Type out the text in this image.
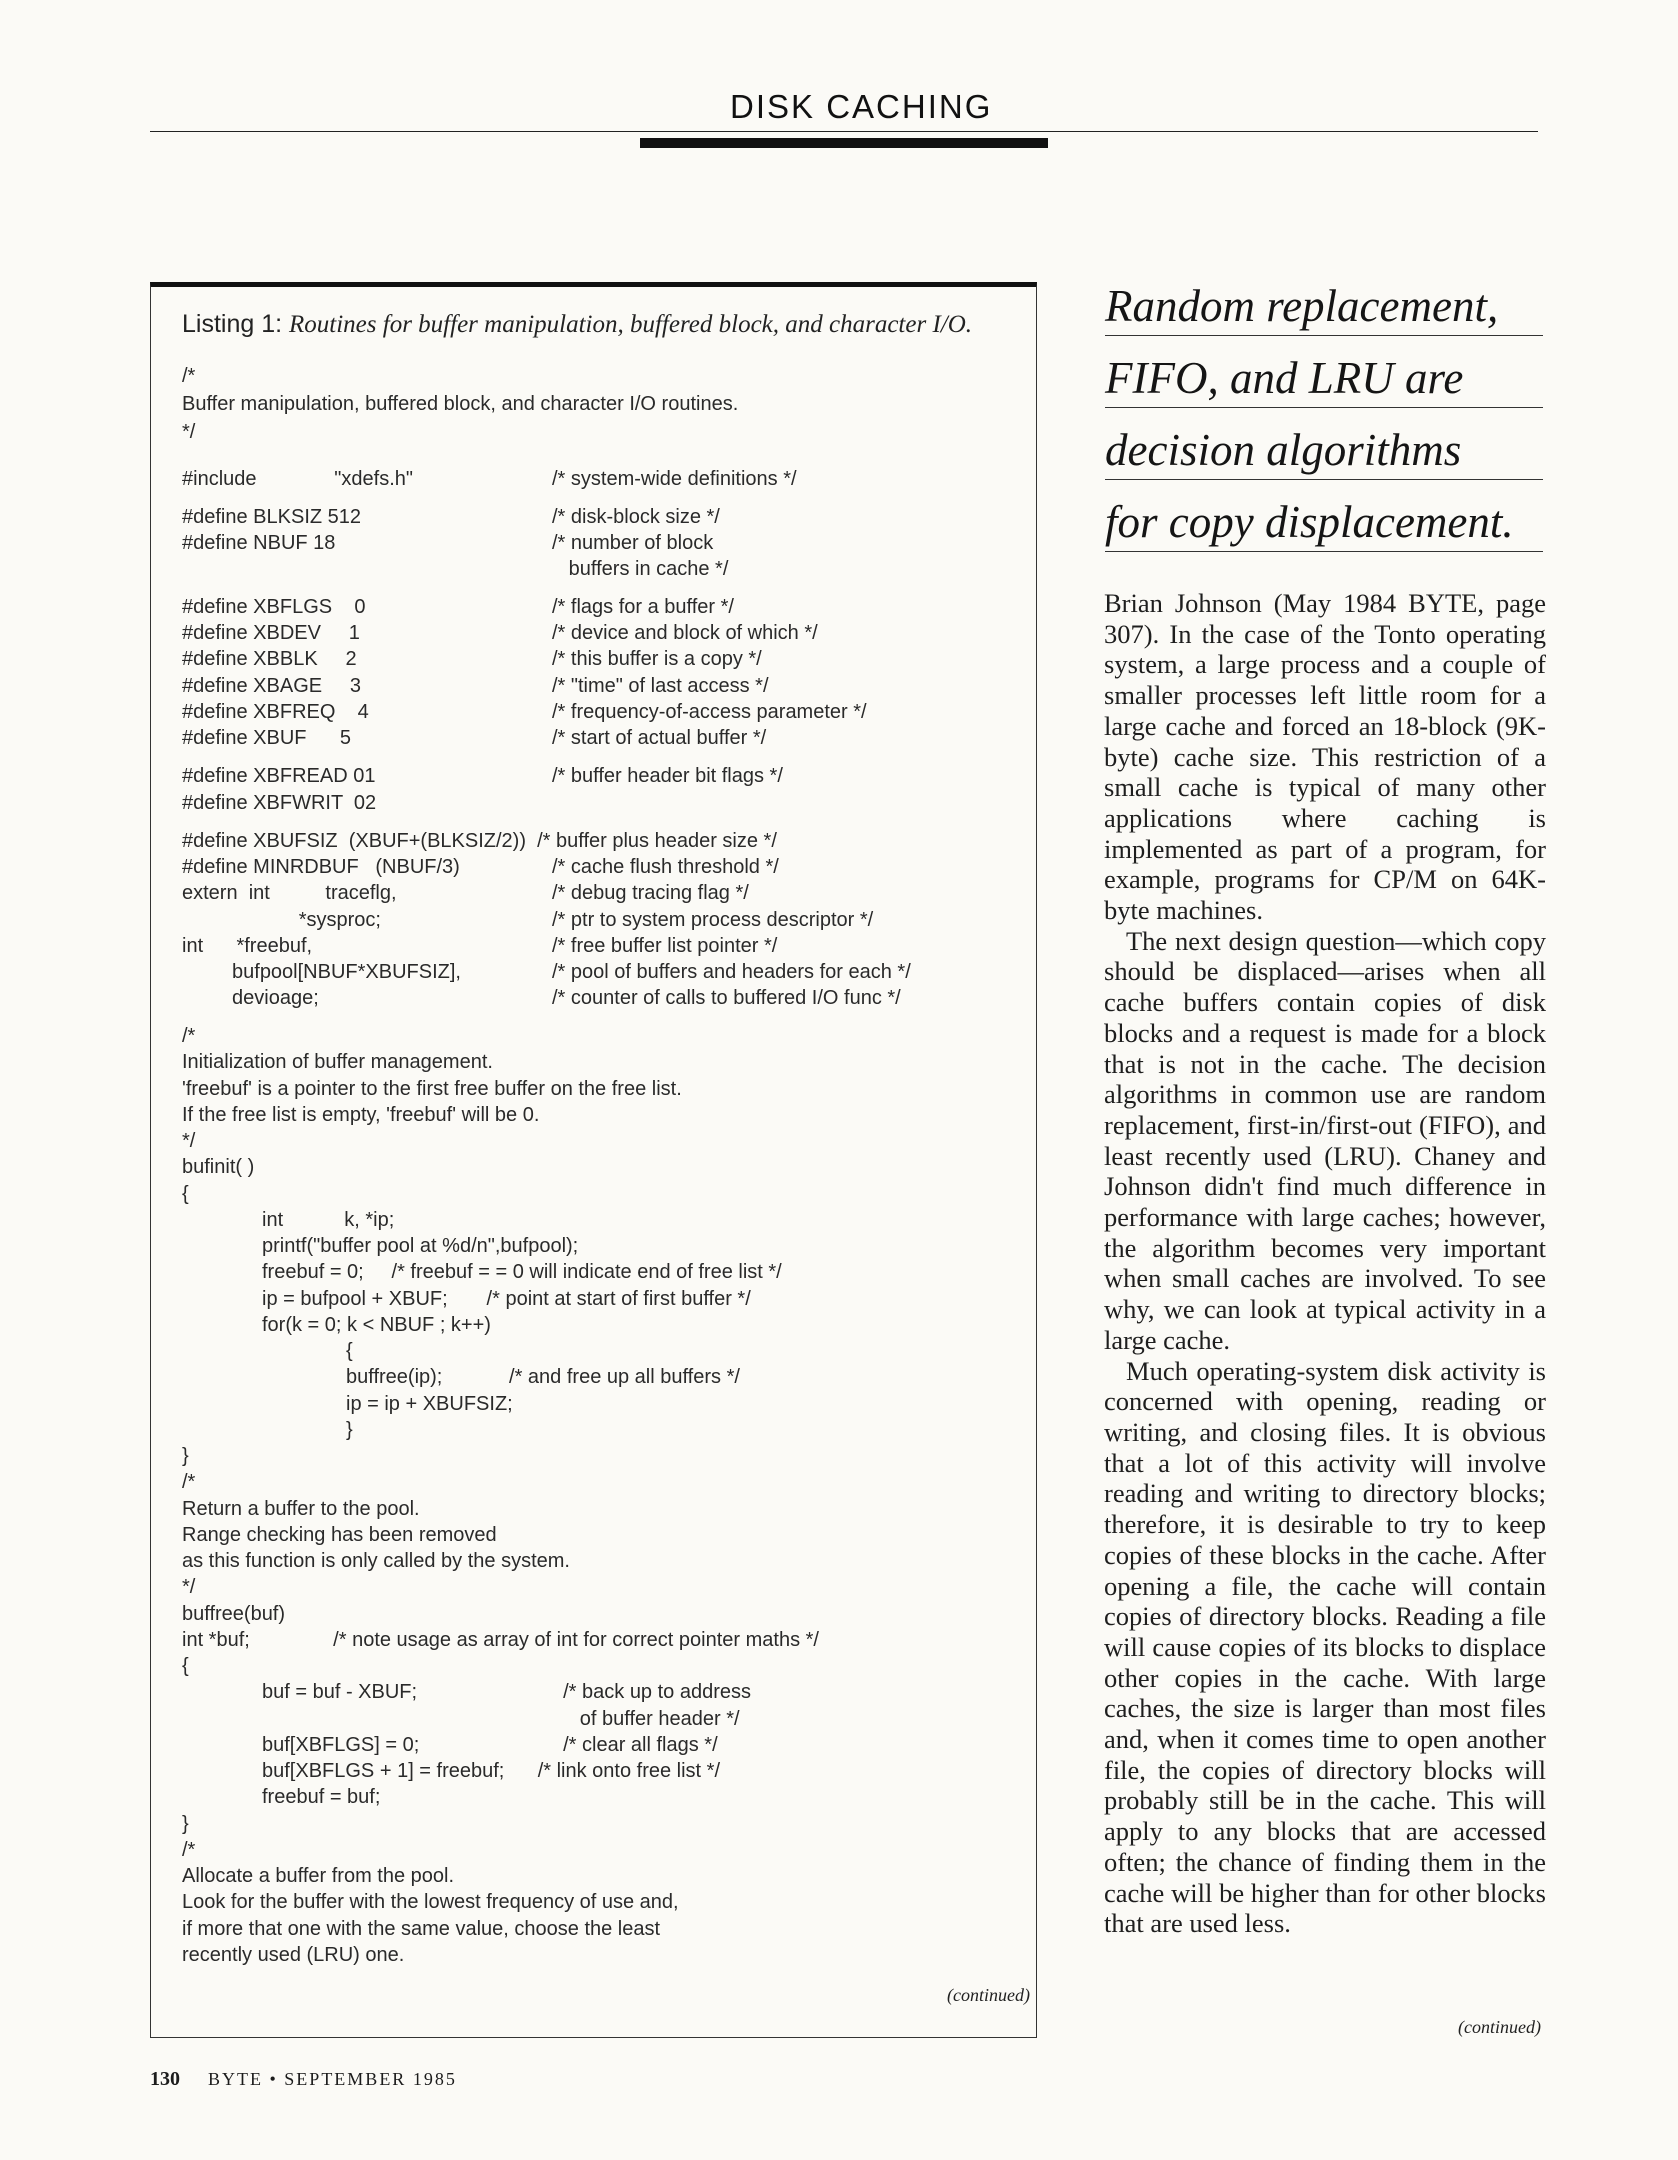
DISK CACHING
Listing 1: Routines for buffer manipulation, buffered block, and character I/O.
/*
Buffer manipulation, buffered block, and character I/O routines.
*/
#include              "xdefs.h"	/* system-wide definitions */
#define BLKSIZ 512	/* disk-block size */
#define NBUF 18	/* number of block
buffers in cache */
#define XBFLGS    0	/* flags for a buffer */
#define XBDEV     1	/* device and block of which */
#define XBBLK     2	/* this buffer is a copy */
#define XBAGE     3	/* "time" of last access */
#define XBFREQ    4	/* frequency-of-access parameter */
#define XBUF      5	/* start of actual buffer */
#define XBFREAD 01	/* buffer header bit flags */
#define XBFWRIT  02
#define XBUFSIZ  (XBUF+(BLKSIZ/2))  /* buffer plus header size */
#define MINRDBUF   (NBUF/3)	/* cache flush threshold */
extern  int          traceflg,	/* debug tracing flag */
*sysproc;	/* ptr to system process descriptor */
int      *freebuf,	/* free buffer list pointer */
bufpool[NBUF*XBUFSIZ],	/* pool of buffers and headers for each */
devioage;	/* counter of calls to buffered I/O func */
/*
Initialization of buffer management.
'freebuf' is a pointer to the first free buffer on the free list.
If the free list is empty, 'freebuf' will be 0.
*/
bufinit( )
{
int           k, *ip;
printf("buffer pool at %d/n",bufpool);
freebuf = 0;     /* freebuf = = 0 will indicate end of free list */
ip = bufpool + XBUF;       /* point at start of first buffer */
for(k = 0; k < NBUF ; k++)
{
buffree(ip);            /* and free up all buffers */
ip = ip + XBUFSIZ;
}
}
/*
Return a buffer to the pool.
Range checking has been removed
as this function is only called by the system.
*/
buffree(buf)
int *buf;               /* note usage as array of int for correct pointer maths */
{
buf = buf - XBUF;	/* back up to address
of buffer header */
buf[XBFLGS] = 0;	/* clear all flags */
buf[XBFLGS + 1] = freebuf;      /* link onto free list */
freebuf = buf;
}
/*
Allocate a buffer from the pool.
Look for the buffer with the lowest frequency of use and,
if more that one with the same value, choose the least
recently used (LRU) one.
(continued)
Random replacement,
FIFO, and LRU are
decision algorithms
for copy displacement.

Brian Johnson (May 1984 BYTE, page 307). In the case of the Tonto operating system, a large process and a couple of smaller processes left little room for a large cache and forced an 18-block (9K-byte) cache size. This restriction of a small cache is typical of many other applications where caching is implemented as part of a program, for example, programs for CP/M on 64K-byte machines.

The next design question—which copy should be displaced—arises when all cache buffers contain copies of disk blocks and a request is made for a block that is not in the cache. The decision algorithms in common use are random replacement, first-in/first-out (FIFO), and least recently used (LRU). Chaney and Johnson didn't find much difference in performance with large caches; however, the algorithm becomes very important when small caches are involved. To see why, we can look at typical activity in a large cache.

Much operating-system disk activity is concerned with opening, reading or writing, and closing files. It is obvious that a lot of this activity will involve reading and writing to directory blocks; therefore, it is desirable to try to keep copies of these blocks in the cache. After opening a file, the cache will contain copies of directory blocks. Reading a file will cause copies of its blocks to displace other copies in the cache. With large caches, the size is larger than most files and, when it comes time to open another file, the copies of directory blocks will probably still be in the cache. This will apply to any blocks that are accessed often; the chance of finding them in the cache will be higher than for other blocks that are used less.

(continued)
130 BYTE • SEPTEMBER 1985
